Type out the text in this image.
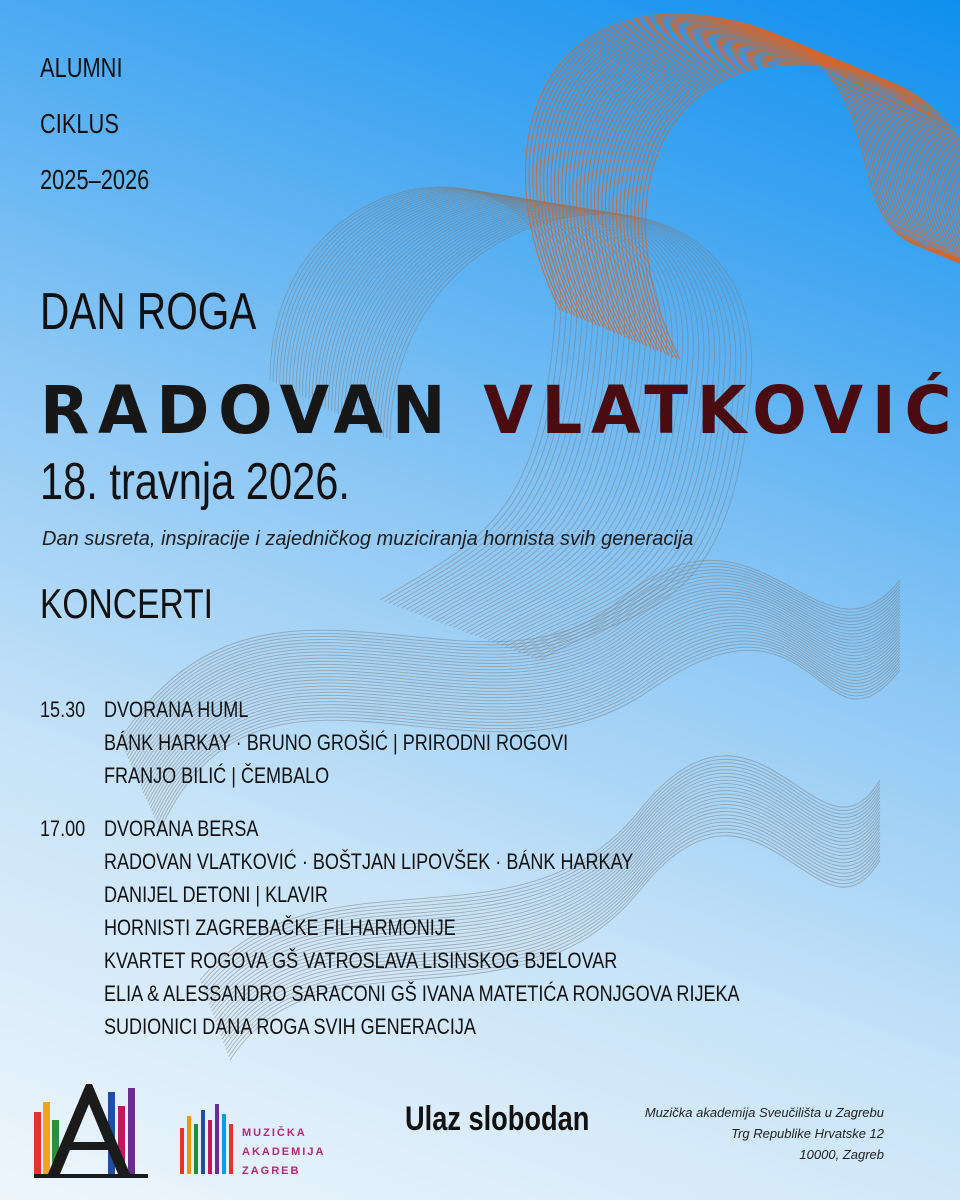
ALUMNI
CIKLUS
2025–2026
DAN ROGA
RADOVAN VLATKOVIĆ
18. travnja 2026.
Dan susreta, inspiracije i zajedničkog muziciranja hornista svih generacija
KONCERTI
15.30 DVORANA HUML
BÁNK HARKAY · BRUNO GROŠIĆ | PRIRODNI ROGOVI
FRANJO BILIĆ | ČEMBALO
17.00 DVORANA BERSA
RADOVAN VLATKOVIĆ · BOŠTJAN LIPOVŠEK · BÁNK HARKAY
DANIJEL DETONI | KLAVIR
HORNISTI ZAGREBAČKE FILHARMONIJE
KVARTET ROGOVA GŠ VATROSLAVA LISINSKOG BJELOVAR
ELIA & ALESSANDRO SARACONI GŠ IVANA MATETIĆA RONJGOVA RIJEKA
SUDIONICI DANA ROGA SVIH GENERACIJA
MUZIČKA
AKADEMIJA
ZAGREB
Ulaz slobodan	Muzička akademija Sveučilišta u Zagrebu
Trg Republike Hrvatske 12
10000, Zagreb
